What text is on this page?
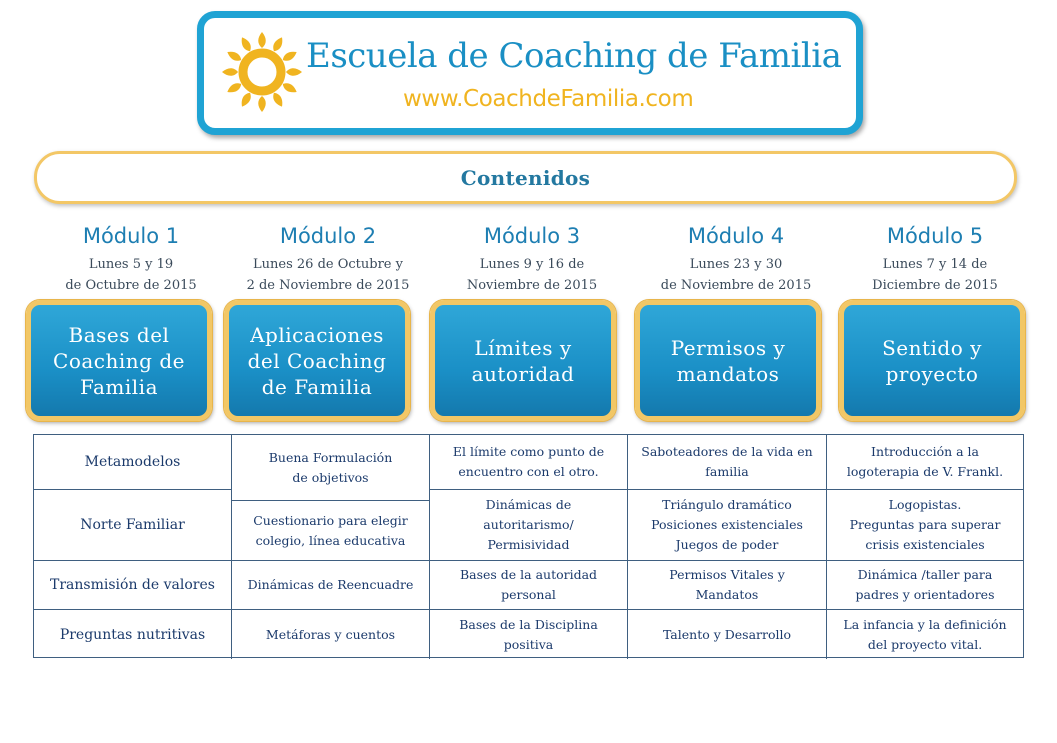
Escuela de Coaching de Familia
www.CoachdeFamilia.com
Contenidos
Módulo 1
Lunes 5 y 19
de Octubre de 2015
Módulo 2
Lunes 26 de Octubre y
2 de Noviembre de 2015
Módulo 3
Lunes 9 y 16 de
Noviembre de 2015
Módulo 4
Lunes 23 y 30
de Noviembre de 2015
Módulo 5
Lunes 7 y 14 de
Diciembre de 2015
Bases del
Coaching de
Familia
Aplicaciones
del Coaching
de Familia
Límites y
autoridad
Permisos y
mandatos
Sentido y
proyecto
Metamodelos
Norte Familiar
Transmisión de valores
Preguntas nutritivas
Buena Formulación
de objetivos
Cuestionario para elegir
colegio, línea educativa
Dinámicas de Reencuadre
Metáforas y cuentos
El límite como punto de
encuentro con el otro.
Dinámicas de
autoritarismo/
Permisividad
Bases de la autoridad
personal
Bases de la Disciplina
positiva
Saboteadores de la vida en
familia
Triángulo dramático
Posiciones existenciales
Juegos de poder
Permisos Vitales y
Mandatos
Talento y Desarrollo
Introducción a la
logoterapia de V. Frankl.
Logopistas.
Preguntas para superar
crisis existenciales
Dinámica /taller para
padres y orientadores
La infancia y la definición
del proyecto vital.
